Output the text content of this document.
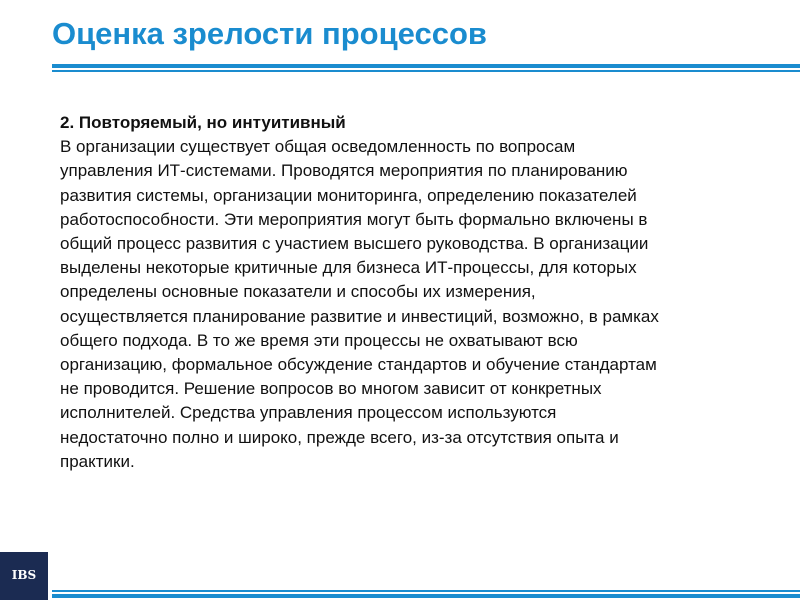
Оценка зрелости процессов
2. Повторяемый, но интуитивный
В организации существует общая осведомленность по вопросам
управления ИТ-системами. Проводятся мероприятия по планированию
развития системы, организации мониторинга, определению показателей
работоспособности. Эти мероприятия могут быть формально включены в
общий процесс развития с участием высшего руководства. В организации
выделены некоторые критичные для бизнеса ИТ-процессы, для которых
определены основные показатели и способы их измерения,
осуществляется планирование развитие и инвестиций, возможно, в рамках
общего подхода. В то же время эти процессы не охватывают всю
организацию, формальное обсуждение стандартов и обучение стандартам
не проводится. Решение вопросов во многом зависит от конкретных
исполнителей. Средства управления процессом используются
недостаточно полно и широко, прежде всего, из-за отсутствия опыта и
практики.
IBS
